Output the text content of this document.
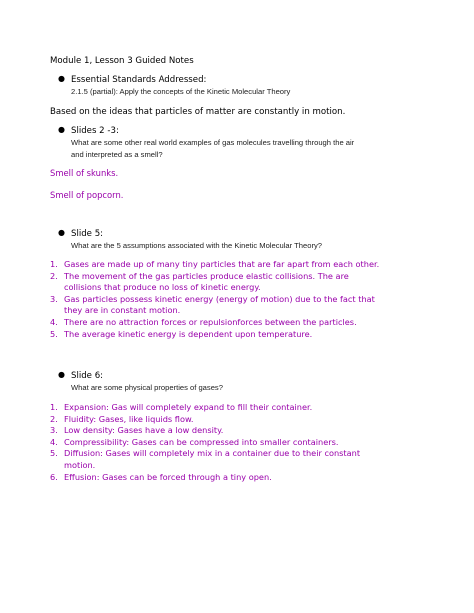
Module 1, Lesson 3 Guided Notes
● Essential Standards Addressed:
2.1.5 (partial): Apply the concepts of the Kinetic Molecular Theory
Based on the ideas that particles of matter are constantly in motion.
● Slides 2 -3:
What are some other real world examples of gas molecules travelling through the air
and interpreted as a smell?
Smell of skunks.
Smell of popcorn.
● Slide 5:
What are the 5 assumptions associated with the Kinetic Molecular Theory?
1. Gases are made up of many tiny particles that are far apart from each other.
2. The movement of the gas particles produce elastic collisions. The are
collisions that produce no loss of kinetic energy.
3. Gas particles possess kinetic energy (energy of motion) due to the fact that
they are in constant motion.
4. There are no attraction forces or repulsionforces between the particles.
5. The average kinetic energy is dependent upon temperature.
● Slide 6:
What are some physical properties of gases?
1. Expansion: Gas will completely expand to fill their container.
2. Fluidity: Gases, like liquids flow.
3. Low density: Gases have a low density.
4. Compressibility: Gases can be compressed into smaller containers.
5. Diffusion: Gases will completely mix in a container due to their constant
motion.
6. Effusion: Gases can be forced through a tiny open.
